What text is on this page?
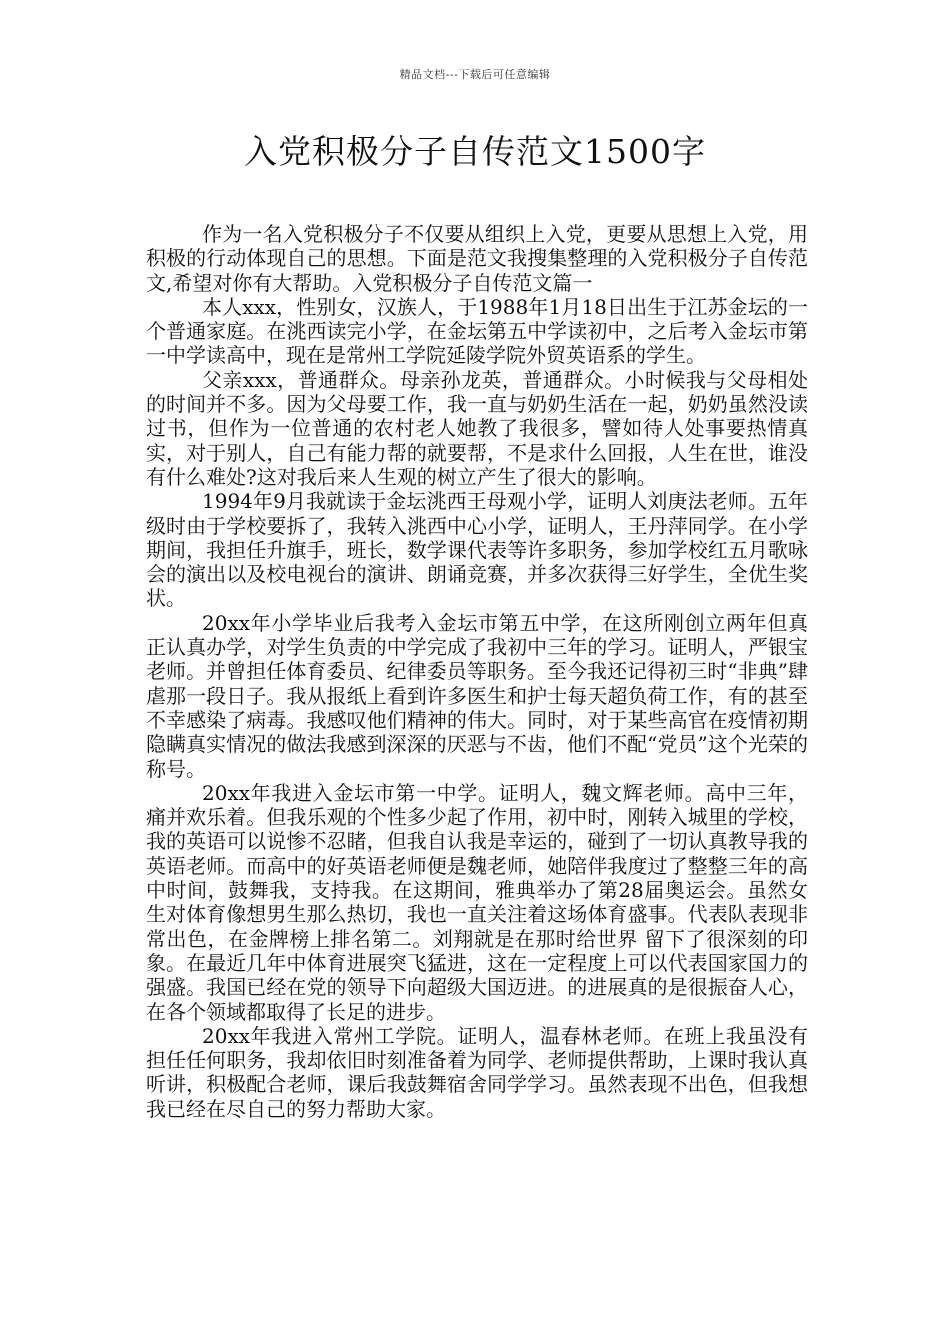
精品文档---下载后可任意编辑
入党积极分子自传范文1500字

作为一名入党积极分子不仅要从组织上入党，更要从思想上入党，用积极的行动体现自己的思想。下面是范文我搜集整理的入党积极分子自传范文,希望对你有大帮助。入党积极分子自传范文篇一

本人xxx，性别女，汉族人，于1988年1月18日出生于江苏金坛的一个普通家庭。在洮西读完小学，在金坛第五中学读初中，之后考入金坛市第一中学读高中，现在是常州工学院延陵学院外贸英语系的学生。

父亲xxx，普通群众。母亲孙龙英，普通群众。小时候我与父母相处的时间并不多。因为父母要工作，我一直与奶奶生活在一起，奶奶虽然没读过书，但作为一位普通的农村老人她教了我很多，譬如待人处事要热情真实，对于别人，自己有能力帮的就要帮，不是求什么回报，人生在世，谁没有什么难处?这对我后来人生观的树立产生了很大的影响。

1994年9月我就读于金坛洮西王母观小学，证明人刘庚法老师。五年级时由于学校要拆了，我转入洮西中心小学，证明人，王丹萍同学。在小学期间，我担任升旗手，班长，数学课代表等许多职务，参加学校红五月歌咏会的演出以及校电视台的演讲、朗诵竞赛，并多次获得三好学生，全优生奖状。

20xx年小学毕业后我考入金坛市第五中学，在这所刚创立两年但真正认真办学，对学生负责的中学完成了我初中三年的学习。证明人，严银宝老师。并曾担任体育委员、纪律委员等职务。至今我还记得初三时“非典”肆虐那一段日子。我从报纸上看到许多医生和护士每天超负荷工作，有的甚至不幸感染了病毒。我感叹他们精神的伟大。同时，对于某些高官在疫情初期隐瞒真实情况的做法我感到深深的厌恶与不齿，他们不配“党员”这个光荣的称号。

20xx年我进入金坛市第一中学。证明人，魏文辉老师。高中三年，痛并欢乐着。但我乐观的个性多少起了作用，初中时，刚转入城里的学校，我的英语可以说惨不忍睹，但我自认我是幸运的，碰到了一切认真教导我的英语老师。而高中的好英语老师便是魏老师，她陪伴我度过了整整三年的高中时间，鼓舞我，支持我。在这期间，雅典举办了第28届奥运会。虽然女生对体育像想男生那么热切，我也一直关注着这场体育盛事。代表队表现非常出色，在金牌榜上排名第二。刘翔就是在那时给世界 留下了很深刻的印象。在最近几年中体育进展突飞猛进，这在一定程度上可以代表国家国力的强盛。我国已经在党的领导下向超级大国迈进。的进展真的是很振奋人心，在各个领域都取得了长足的进步。

20xx年我进入常州工学院。证明人，温春林老师。在班上我虽没有担任任何职务，我却依旧时刻准备着为同学、老师提供帮助，上课时我认真听讲，积极配合老师，课后我鼓舞宿舍同学学习。虽然表现不出色，但我想我已经在尽自己的努力帮助大家。
